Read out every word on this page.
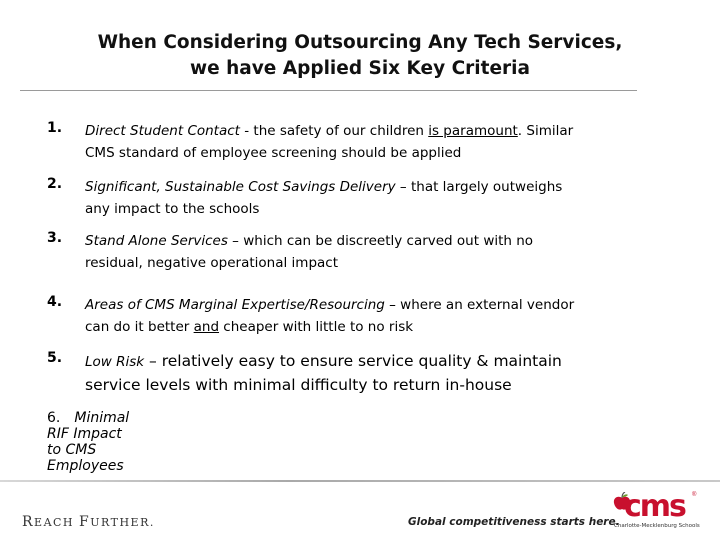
When Considering Outsourcing Any Tech Services,
we have Applied Six Key Criteria
1. Direct Student Contact - the safety of our children is paramount. Similar
CMS standard of employee screening should be applied
2. Significant, Sustainable Cost Savings Delivery – that largely outweighs
any impact to the schools
3. Stand Alone Services – which can be discreetly carved out with no
residual, negative operational impact
4. Areas of CMS Marginal Expertise/Resourcing – where an external vendor
can do it better and cheaper with little to no risk
5. Low Risk – relatively easy to ensure service quality & maintain
service levels with minimal difficulty to return in-house
6. Minimal RIF Impact to CMS Employees
REACH FURTHER.	Global competitiveness starts here. cms ®
Charlotte-Mecklenburg Schools
